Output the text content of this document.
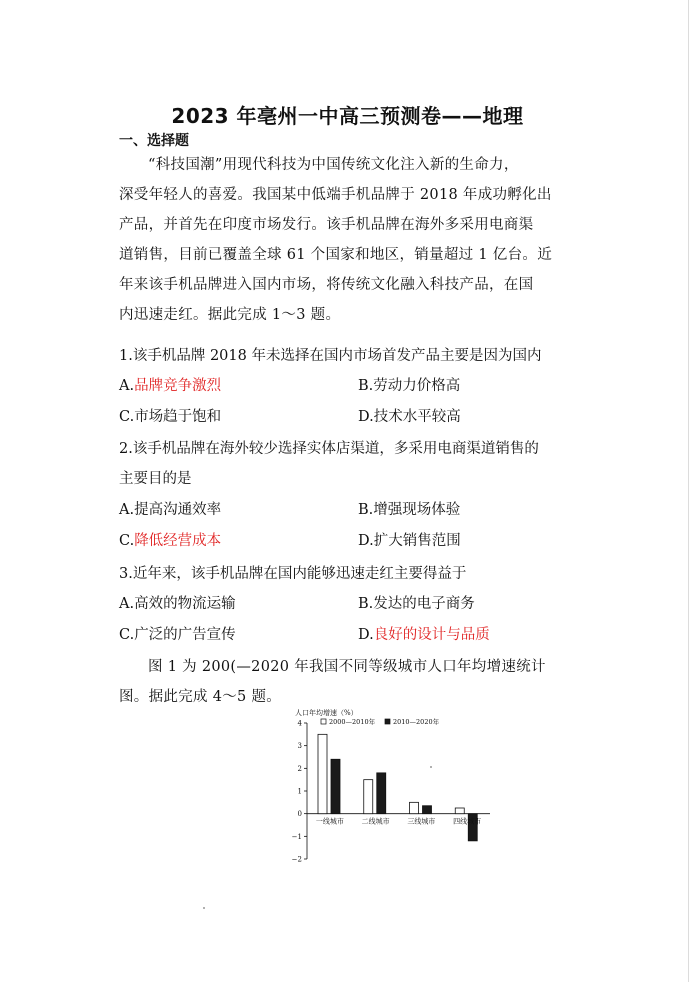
2023 年亳州一中高三预测卷——地理
一、选择题

“科技国潮”用现代科技为中国传统文化注入新的生命力，

深受年轻人的喜爱。我国某中低端手机品牌于 2018 年成功孵化出

产品，并首先在印度市场发行。该手机品牌在海外多采用电商渠

道销售，目前已覆盖全球 61 个国家和地区，销量超过 1 亿台。近

年来该手机品牌进入国内市场，将传统文化融入科技产品，在国

内迅速走红。据此完成 1～3 题。

1.该手机品牌 2018 年未选择在国内市场首发产品主要是因为国内
A.品牌竞争激烈	B.劳动力价格高
C.市场趋于饱和	D.技术水平较高
2.该手机品牌在海外较少选择实体店渠道，多采用电商渠道销售的
主要目的是
A.提高沟通效率	B.增强现场体验
C.降低经营成本	D.扩大销售范围
3.近年来，该手机品牌在国内能够迅速走红主要得益于
A.高效的物流运输	B.发达的电子商务
C.广泛的广告宣传	D.良好的设计与品质

图 1 为 200(—2020 年我国不同等级城市人口年均增速统计

图。据此完成 4～5 题。

人口年均增速（%）
2000—2010年	2010—2020年
4
3
2
1
0
−1
−2
一线城市	二线城市	三线城市	四线城市
